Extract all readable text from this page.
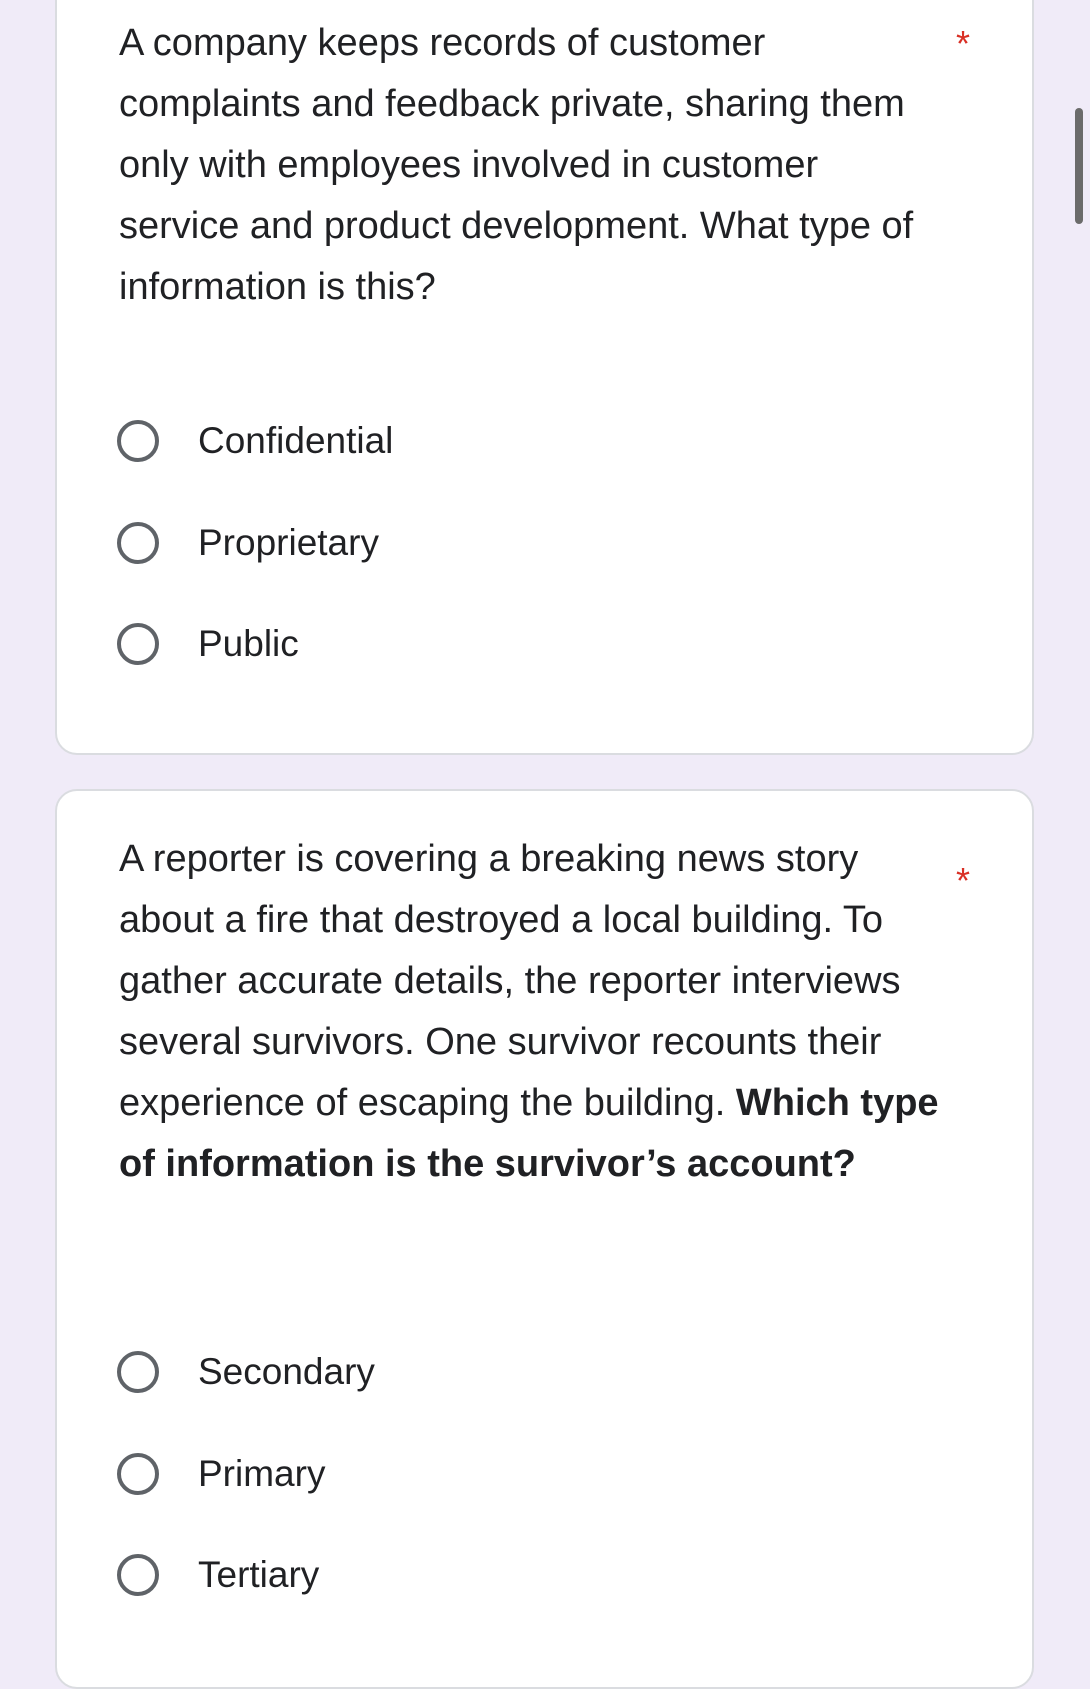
A company keeps records of customer complaints and feedback private, sharing them only with employees involved in customer service and product development. What type of information is this?

*
Confidential
Proprietary
Public

A reporter is covering a breaking news story about a fire that destroyed a local building. To gather accurate details, the reporter interviews several survivors. One survivor recounts their experience of escaping the building. Which type of information is the survivor’s account?

*
Secondary
Primary
Tertiary
